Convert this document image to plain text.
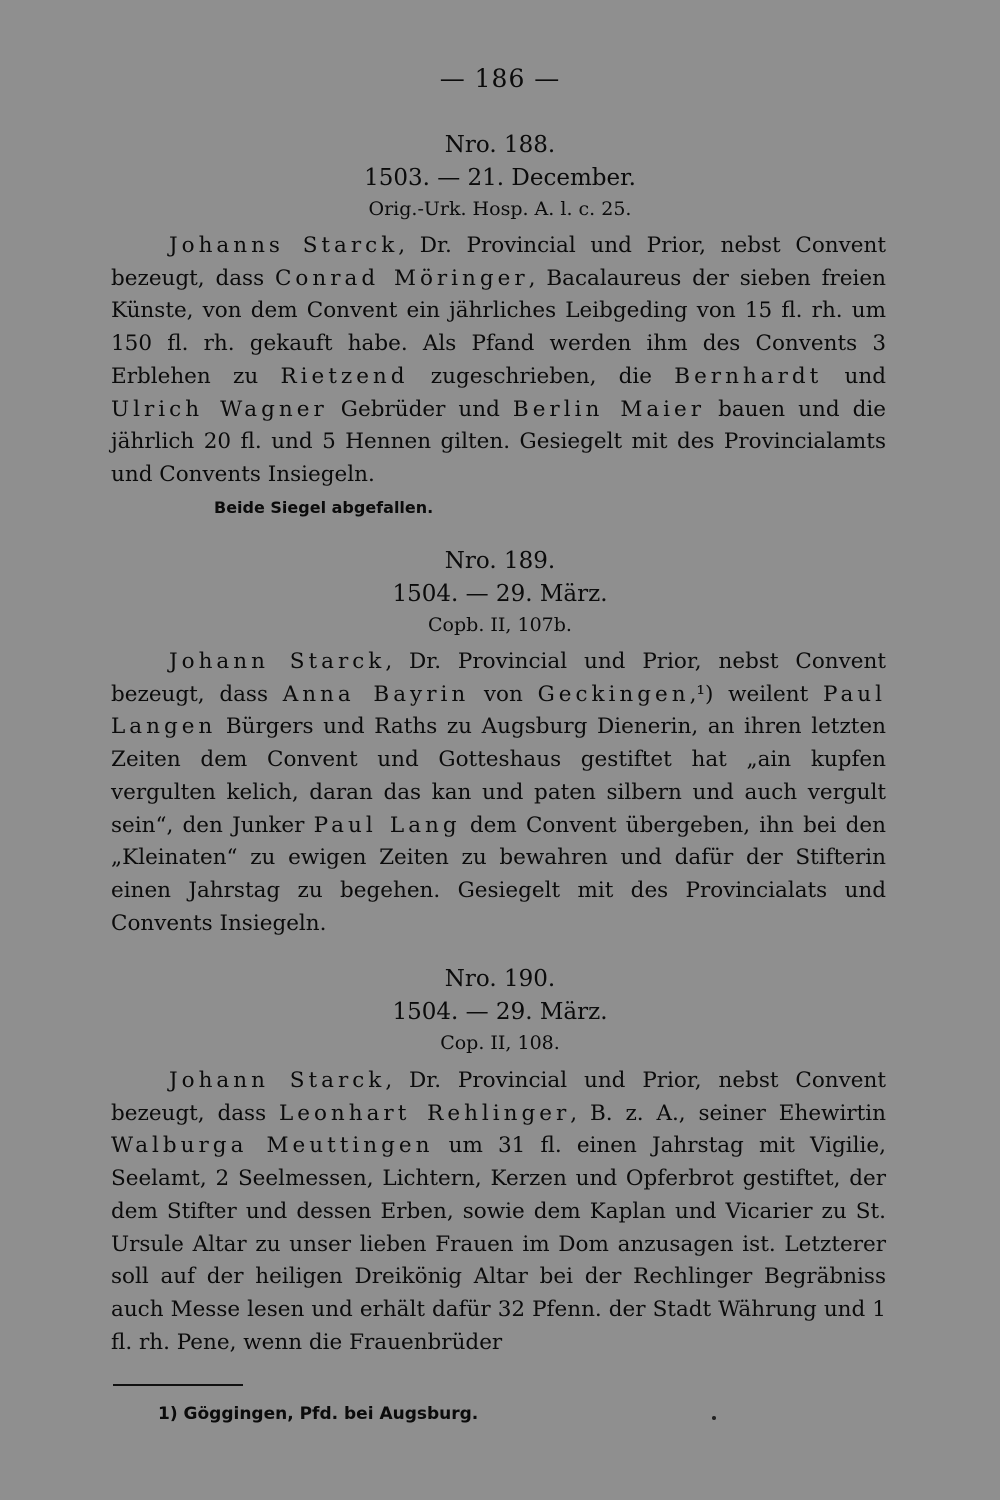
— 186 —
Nro. 188.
1503. — 21. December.
Orig.-Urk. Hosp. A. l. c. 25.

Johanns Starck, Dr. Provincial und Prior, nebst Convent bezeugt, dass Conrad Möringer, Bacalaureus der sieben freien Künste, von dem Convent ein jährliches Leibgeding von 15 fl. rh. um 150 fl. rh. gekauft habe. Als Pfand werden ihm des Convents 3 Erblehen zu Rietzend zugeschrieben, die Bernhardt und Ulrich Wagner Gebrüder und Berlin Maier bauen und die jährlich 20 fl. und 5 Hennen gilten. Gesiegelt mit des Provincialamts und Convents Insiegeln.

Beide Siegel abgefallen.
Nro. 189.
1504. — 29. März.
Copb. II, 107b.

Johann Starck, Dr. Provincial und Prior, nebst Convent bezeugt, dass Anna Bayrin von Geckingen,¹) weilent Paul Langen Bürgers und Raths zu Augsburg Dienerin, an ihren letzten Zeiten dem Convent und Gotteshaus gestiftet hat „ain kupfen vergulten kelich, daran das kan und paten silbern und auch vergult sein“, den Junker Paul Lang dem Convent übergeben, ihn bei den „Kleinaten“ zu ewigen Zeiten zu bewahren und dafür der Stifterin einen Jahrstag zu begehen. Gesiegelt mit des Provincialats und Convents Insiegeln.

Nro. 190.
1504. — 29. März.
Cop. II, 108.

Johann Starck, Dr. Provincial und Prior, nebst Convent bezeugt, dass Leonhart Rehlinger, B. z. A., seiner Ehewirtin Walburga Meuttingen um 31 fl. einen Jahrstag mit Vigilie, Seelamt, 2 Seelmessen, Lichtern, Kerzen und Opferbrot gestiftet, der dem Stifter und dessen Erben, sowie dem Kaplan und Vicarier zu St. Ursule Altar zu unser lieben Frauen im Dom anzusagen ist. Letzterer soll auf der heiligen Dreikönig Altar bei der Rechlinger Begräbniss auch Messe lesen und erhält dafür 32 Pfenn. der Stadt Währung und 1 fl. rh. Pene, wenn die Frauenbrüder

1) Göggingen, Pfd. bei Augsburg.
